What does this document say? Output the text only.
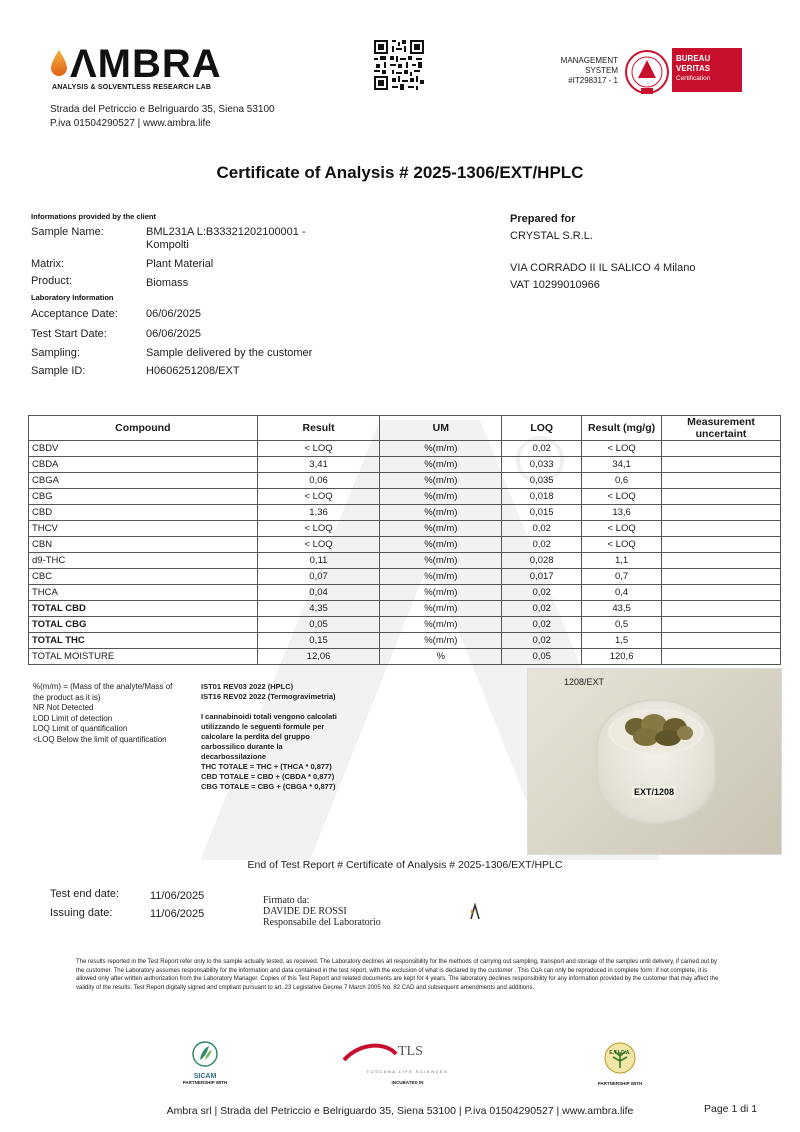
ΛMBRA
ANALYSIS & SOLVENTLESS RESEARCH LAB
Strada del Petriccio e Belriguardo 35, Siena 53100
P.iva 01504290527 | www.ambra.life
MANAGEMENT
SYSTEM
#IT298317 - 1
BUREAU VERITAS
Certification
Certificate of Analysis # 2025-1306/EXT/HPLC
Informations provided by the client
Sample Name:	BML231A L:B33321202100001 -
Kompolti
Matrix:	Plant Material
Product:	Biomass
Laboratory Information
Acceptance Date:	06/06/2025
Test Start Date:	06/06/2025
Sampling:	Sample delivered by the customer
Sample ID:	H0606251208/EXT
Prepared for
CRYSTAL S.R.L.
VIA CORRADO II IL SALICO 4 Milano
VAT 10299010966
Compound	Result	UM	LOQ	Result (mg/g)	Measurement uncertaint
CBDV	< LOQ	%(m/m)	0,02	< LOQ	
CBDA	3,41	%(m/m)	0,033	34,1	
CBGA	0,06	%(m/m)	0,035	0,6	
CBG	< LOQ	%(m/m)	0,018	< LOQ	
CBD	1,36	%(m/m)	0,015	13,6	
THCV	< LOQ	%(m/m)	0,02	< LOQ	
CBN	< LOQ	%(m/m)	0,02	< LOQ	
d9-THC	0,11	%(m/m)	0,028	1,1	
CBC	0,07	%(m/m)	0,017	0,7	
THCA	0,04	%(m/m)	0,02	0,4	
TOTAL CBD	4,35	%(m/m)	0,02	43,5	
TOTAL CBG	0,05	%(m/m)	0,02	0,5	
TOTAL THC	0,15	%(m/m)	0,02	1,5	
TOTAL MOISTURE	12,06	%	0,05	120,6	
%(m/m) = (Mass of the analyte/Mass of
the product as it is)
NR Not Detected
LOD Limit of detection
LOQ Limit of quantification
<LOQ Below the limit of quantification
IST01 REV03 2022 (HPLC)
IST16 REV02 2022 (Termogravimetria)
I cannabinoidi totali vengono calcolati
utilizzando le seguenti formule per
calcolare la perdita del gruppo
carbossilico durante la
decarbossilazione
THC TOTALE = THC + (THCA * 0,877)
CBD TOTALE = CBD + (CBDA * 0,877)
CBG TOTALE = CBG + (CBGA * 0,877)
1208/EXT
EXT/1208
End of Test Report # Certificate of Analysis # 2025-1306/EXT/HPLC
Test end date:	11/06/2025
Issuing date:	11/06/2025
Firmato da:
DAVIDE DE ROSSI
Responsabile del Laboratorio
The results reported in the Test Report refer only to the sample actually tested, as received. The Laboratory declines all responsibility for the methods of carrying out sampling, transport and storage of the samples until delivery, if carried out by the customer. The Laboratory assumes responsability for the information and data contained in the test report, with the exclusion of what is declared by the customer . This CoA can only be reproduced in complete form: if not complete, it is allowed only after written authorization from the Laboratory Manager. Copies of this Test Report and related documents are kept for 4 years. The laboratory declines responsibility for any information provided by the customer that may affect the validity of the results. Test Report digitally signed and cmpliant pursuant to art. 23 Legislative Decree 7 March 2005 No. 82 CAD and subsequent amendments and additions.
SICAM
PARTNERSHIP WITH
TLS
TOSCANA LIFE SCIENCES
INCUBATED IN
E.T.I.C.A.
PARTNERSHIP WITH
Ambra srl | Strada del Petriccio e Belriguardo 35, Siena 53100 | P.iva 01504290527 | www.ambra.life	Page 1 di 1
